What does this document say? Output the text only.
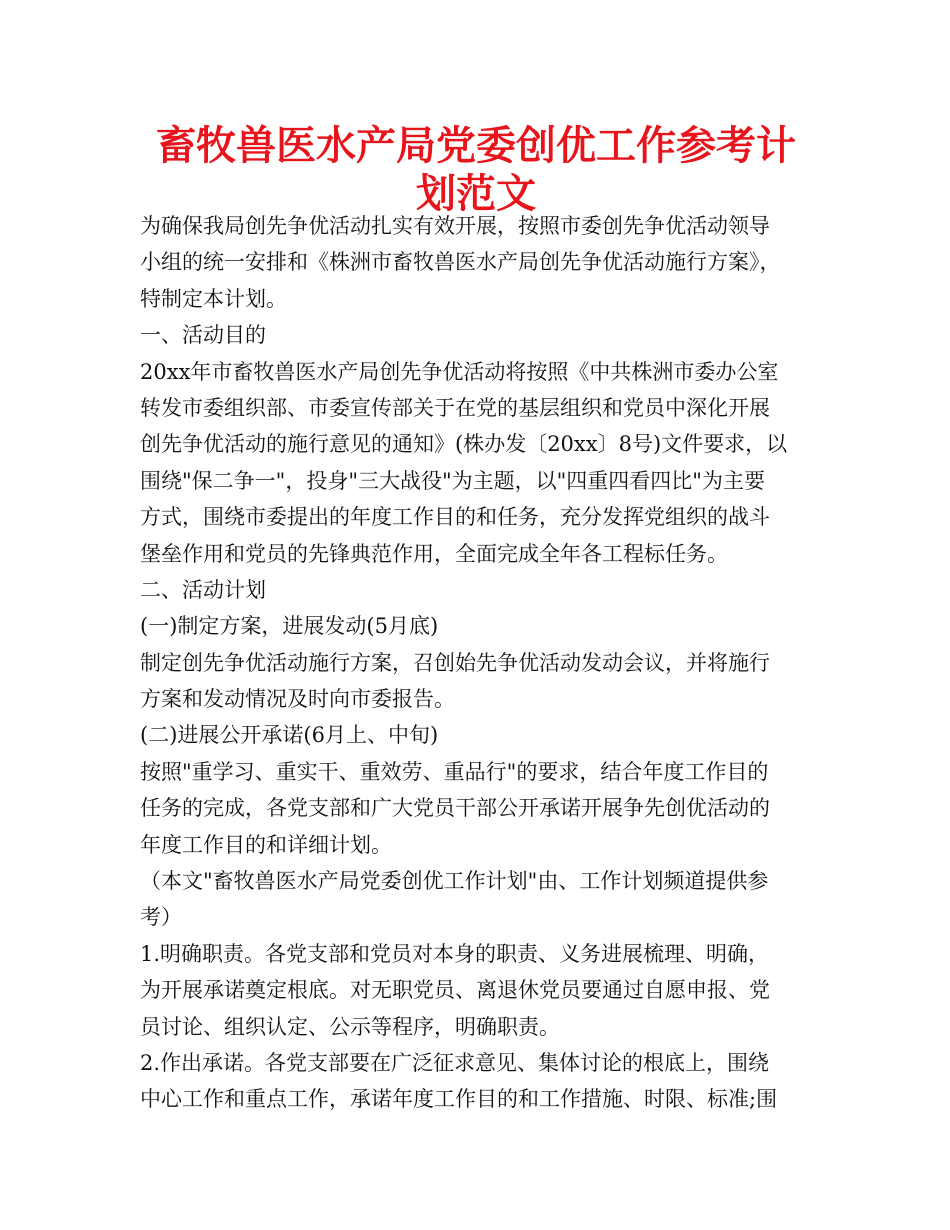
畜牧兽医水产局党委创优工作参考计划范文

为确保我局创先争优活动扎实有效开展，按照市委创先争优活动领导

小组的统一安排和《株洲市畜牧兽医水产局创先争优活动施行方案》，

特制定本计划。

一、活动目的

20xx年市畜牧兽医水产局创先争优活动将按照《中共株洲市委办公室

转发市委组织部、市委宣传部关于在党的基层组织和党员中深化开展

创先争优活动的施行意见的通知》(株办发〔20xx〕8号)文件要求，以

围绕"保二争一"，投身"三大战役"为主题，以"四重四看四比"为主要

方式，围绕市委提出的年度工作目的和任务，充分发挥党组织的战斗

堡垒作用和党员的先锋典范作用，全面完成全年各工程标任务。

二、活动计划

(一)制定方案，进展发动(5月底)

制定创先争优活动施行方案，召创始先争优活动发动会议，并将施行

方案和发动情况及时向市委报告。

(二)进展公开承诺(6月上、中旬)

按照"重学习、重实干、重效劳、重品行"的要求，结合年度工作目的

任务的完成，各党支部和广大党员干部公开承诺开展争先创优活动的

年度工作目的和详细计划。

（本文"畜牧兽医水产局党委创优工作计划"由、工作计划频道提供参

考）

1.明确职责。各党支部和党员对本身的职责、义务进展梳理、明确，

为开展承诺奠定根底。对无职党员、离退休党员要通过自愿申报、党

员讨论、组织认定、公示等程序，明确职责。

2.作出承诺。各党支部要在广泛征求意见、集体讨论的根底上，围绕

中心工作和重点工作，承诺年度工作目的和工作措施、时限、标准;围
